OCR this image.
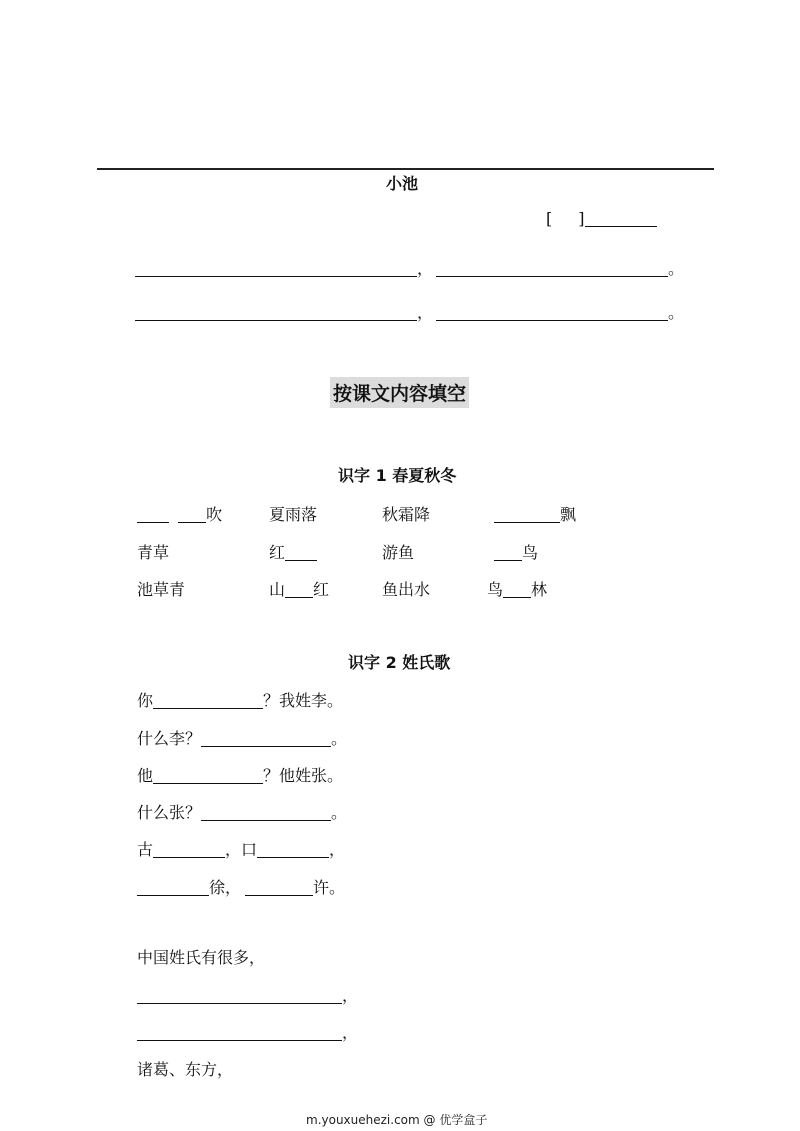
小池
[ ]
，	。
，	。
按课文内容填空
识字 1 春夏秋冬
吹	夏雨落	秋霜降	飘
青草	红	游鱼	鸟
池草青	山 红	鱼出水	鸟 林
识字 2 姓氏歌
你	？我姓李。
什么李？	。
他	？他姓张。
什么张？	。
古	，口	，
徐，	许。
中国姓氏有很多，
，
，
诸葛、东方，
m.youxuehezi.com @ 优学盒子
